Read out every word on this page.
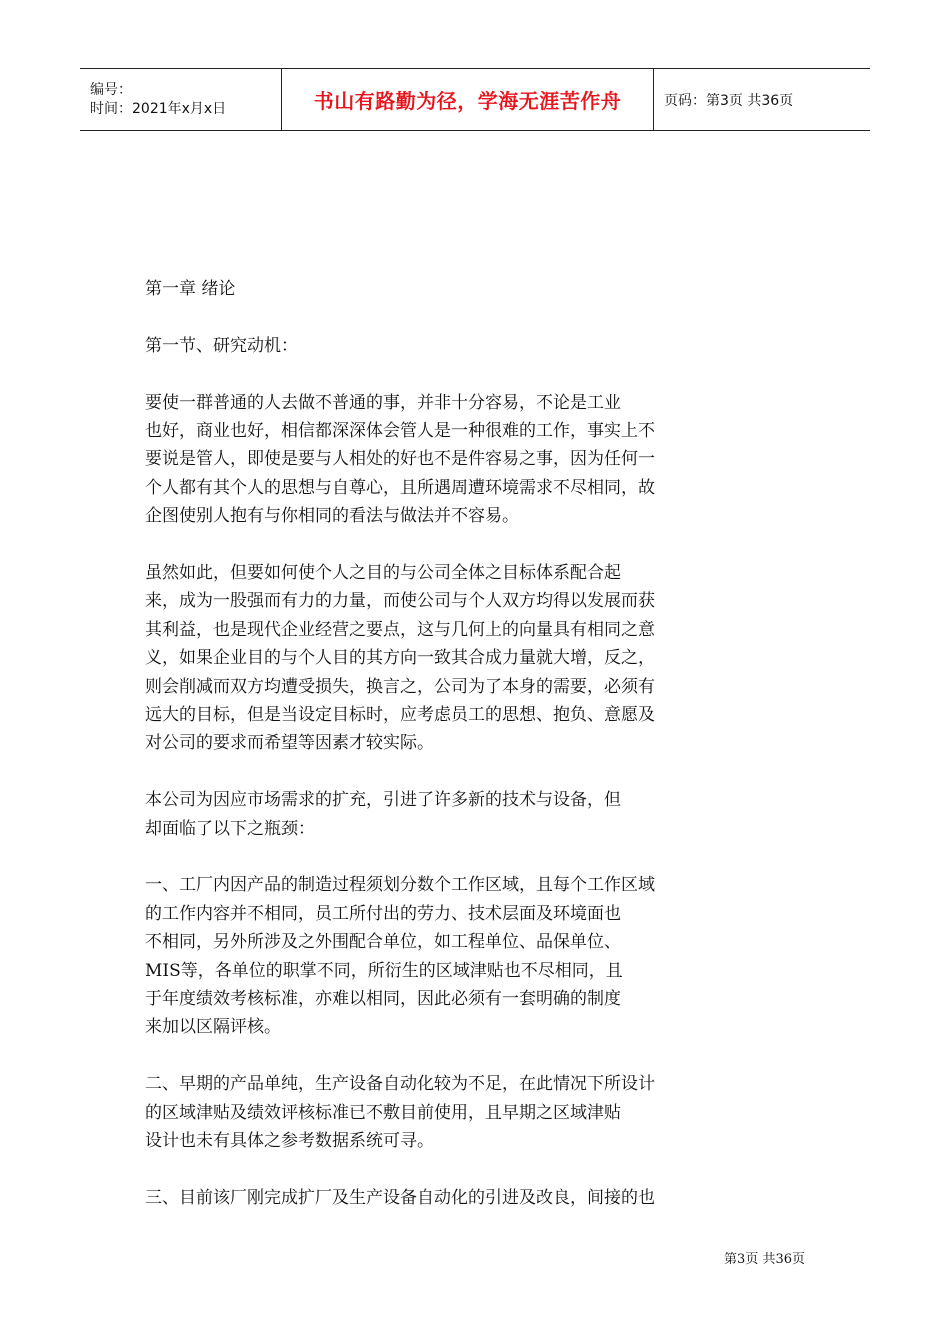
编号：
时间：2021年x月x日	书山有路勤为径，学海无涯苦作舟	页码：第3页 共36页

第一章 绪论

第一节、研究动机：

要使一群普通的人去做不普通的事，并非十分容易，不论是工业
也好，商业也好，相信都深深体会管人是一种很难的工作，事实上不
要说是管人，即使是要与人相处的好也不是件容易之事，因为任何一
个人都有其个人的思想与自尊心，且所遇周遭环境需求不尽相同，故
企图使别人抱有与你相同的看法与做法并不容易。

虽然如此，但要如何使个人之目的与公司全体之目标体系配合起
来，成为一股强而有力的力量，而使公司与个人双方均得以发展而获
其利益，也是现代企业经营之要点，这与几何上的向量具有相同之意
义，如果企业目的与个人目的其方向一致其合成力量就大增，反之，
则会削减而双方均遭受损失，换言之，公司为了本身的需要，必须有
远大的目标，但是当设定目标时，应考虑员工的思想、抱负、意愿及
对公司的要求而希望等因素才较实际。

本公司为因应市场需求的扩充，引进了许多新的技术与设备，但
却面临了以下之瓶颈：

一、工厂内因产品的制造过程须划分数个工作区域，且每个工作区域
的工作内容并不相同，员工所付出的劳力、技术层面及环境面也
不相同，另外所涉及之外围配合单位，如工程单位、品保单位、
MIS等，各单位的职掌不同，所衍生的区域津贴也不尽相同，且
于年度绩效考核标准，亦难以相同，因此必须有一套明确的制度
来加以区隔评核。

二、早期的产品单纯，生产设备自动化较为不足，在此情况下所设计
的区域津贴及绩效评核标准已不敷目前使用，且早期之区域津贴
设计也未有具体之参考数据系统可寻。

三、目前该厂刚完成扩厂及生产设备自动化的引进及改良，间接的也

第3页 共36页
